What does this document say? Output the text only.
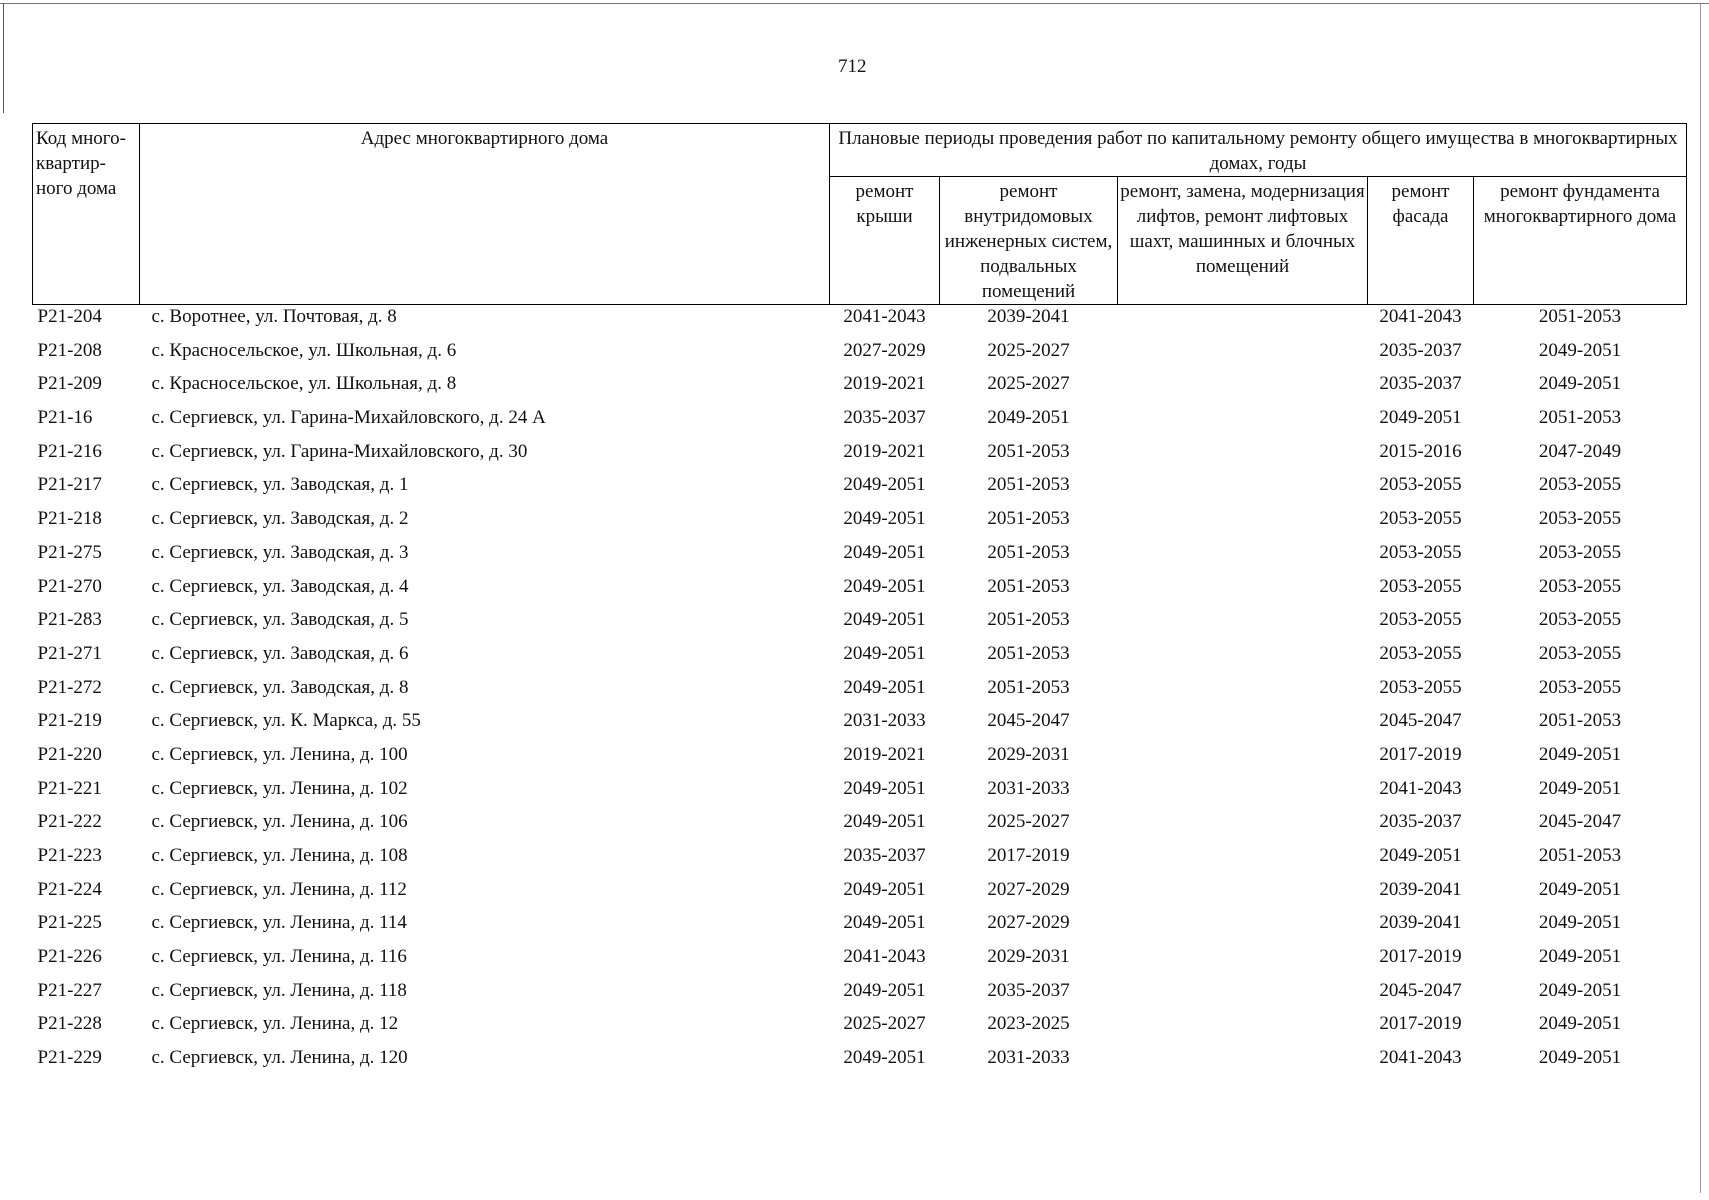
712
Код много-квартир-ного дома	Адрес многоквартирного дома	Плановые периоды проведения работ по капитальному ремонту общего имущества в многоквартирных домах, годы				
		ремонт крыши	ремонт внутридомовых инженерных систем, подвальных помещений	ремонт, замена, модернизация лифтов, ремонт лифтовых шахт, машинных и блочных помещений	ремонт фасада	ремонт фундамента многоквартирного дома
Р21-204	с. Воротнее, ул. Почтовая, д. 8	2041-2043	2039-2041		2041-2043	2051-2053
Р21-208	с. Красносельское, ул. Школьная, д. 6	2027-2029	2025-2027		2035-2037	2049-2051
Р21-209	с. Красносельское, ул. Школьная, д. 8	2019-2021	2025-2027		2035-2037	2049-2051
Р21-16	с. Сергиевск, ул. Гарина-Михайловского, д. 24 А	2035-2037	2049-2051		2049-2051	2051-2053
Р21-216	с. Сергиевск, ул. Гарина-Михайловского, д. 30	2019-2021	2051-2053		2015-2016	2047-2049
Р21-217	с. Сергиевск, ул. Заводская, д. 1	2049-2051	2051-2053		2053-2055	2053-2055
Р21-218	с. Сергиевск, ул. Заводская, д. 2	2049-2051	2051-2053		2053-2055	2053-2055
Р21-275	с. Сергиевск, ул. Заводская, д. 3	2049-2051	2051-2053		2053-2055	2053-2055
Р21-270	с. Сергиевск, ул. Заводская, д. 4	2049-2051	2051-2053		2053-2055	2053-2055
Р21-283	с. Сергиевск, ул. Заводская, д. 5	2049-2051	2051-2053		2053-2055	2053-2055
Р21-271	с. Сергиевск, ул. Заводская, д. 6	2049-2051	2051-2053		2053-2055	2053-2055
Р21-272	с. Сергиевск, ул. Заводская, д. 8	2049-2051	2051-2053		2053-2055	2053-2055
Р21-219	с. Сергиевск, ул. К. Маркса, д. 55	2031-2033	2045-2047		2045-2047	2051-2053
Р21-220	с. Сергиевск, ул. Ленина, д. 100	2019-2021	2029-2031		2017-2019	2049-2051
Р21-221	с. Сергиевск, ул. Ленина, д. 102	2049-2051	2031-2033		2041-2043	2049-2051
Р21-222	с. Сергиевск, ул. Ленина, д. 106	2049-2051	2025-2027		2035-2037	2045-2047
Р21-223	с. Сергиевск, ул. Ленина, д. 108	2035-2037	2017-2019		2049-2051	2051-2053
Р21-224	с. Сергиевск, ул. Ленина, д. 112	2049-2051	2027-2029		2039-2041	2049-2051
Р21-225	с. Сергиевск, ул. Ленина, д. 114	2049-2051	2027-2029		2039-2041	2049-2051
Р21-226	с. Сергиевск, ул. Ленина, д. 116	2041-2043	2029-2031		2017-2019	2049-2051
Р21-227	с. Сергиевск, ул. Ленина, д. 118	2049-2051	2035-2037		2045-2047	2049-2051
Р21-228	с. Сергиевск, ул. Ленина, д. 12	2025-2027	2023-2025		2017-2019	2049-2051
Р21-229	с. Сергиевск, ул. Ленина, д. 120	2049-2051	2031-2033		2041-2043	2049-2051
